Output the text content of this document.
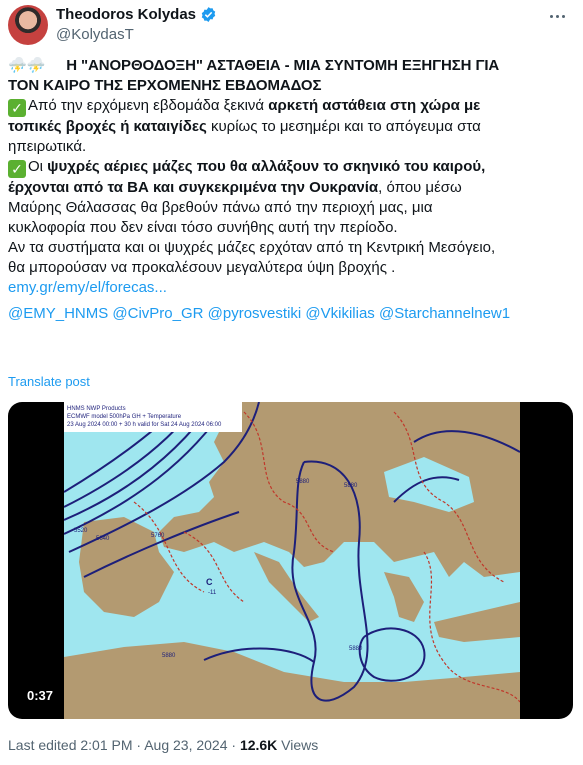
Theodoros Kolydas
@KolydasT
⛈️⛈️ Η "ΑΝΟΡΘΟΔΟΞΗ" ΑΣΤΑΘΕΙΑ - ΜΙΑ ΣΥΝΤΟΜΗ ΕΞΗΓΗΣΗ ΓΙΑ
ΤΟΝ ΚΑΙΡΟ ΤΗΣ ΕΡΧΟΜΕΝΗΣ ΕΒΔΟΜΑΔΟΣ
✓ Από την ερχόμενη εβδομάδα ξεκινά αρκετή αστάθεια στη χώρα με
τοπικές βροχές ή καταιγίδες κυρίως το μεσημέρι και το απόγευμα στα
ηπειρωτικά.
✓ Οι ψυχρές αέριες μάζες που θα αλλάξουν το σκηνικό του καιρού,
έρχονται από τα ΒΑ και συγκεκριμένα την Ουκρανία, όπου μέσω
Μαύρης Θάλασσας θα βρεθούν πάνω από την περιοχή μας, μια
κυκλοφορία που δεν είναι τόσο συνήθης αυτή την περίοδο.
Αν τα συστήματα και οι ψυχρές μάζες ερχόταν από τη Κεντρική Μεσόγειο,
θα μπορούσαν να προκαλέσουν μεγαλύτερα ύψη βροχής .
emy.gr/emy/el/forecas...
@EMY_HNMS @CivPro_GR @pyrosvestiki @Vkikilias @Starchannelnew1
Translate post
HNMS NWP Products
ECMWF model 500hPa GH + Temperature
23 Aug 2024 00:00 + 30 h valid for Sat 24 Aug 2024 06:00
5520
5640	5760
5880
5880
5880
5880
C
-11
0:37
Last edited 2:01 PM · Aug 23, 2024 · 12.6K Views
